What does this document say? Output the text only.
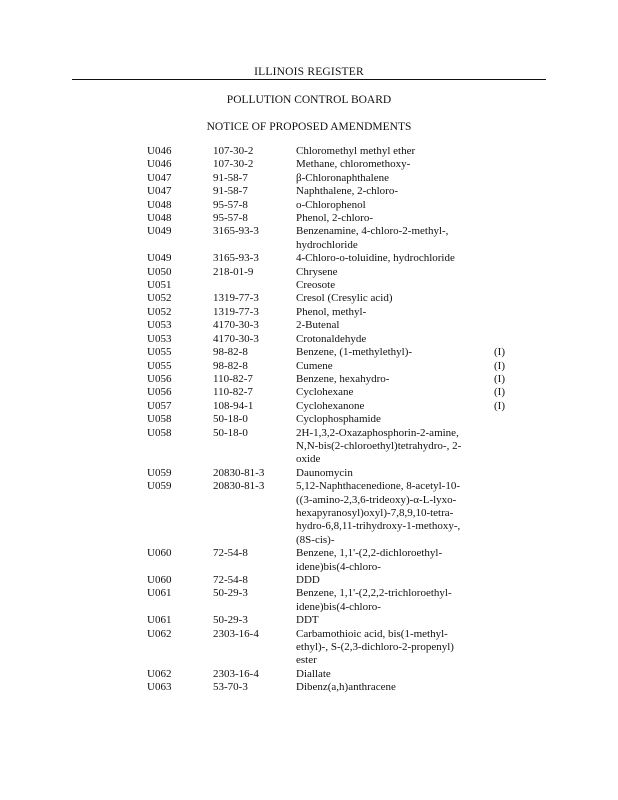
ILLINOIS REGISTER
POLLUTION CONTROL BOARD
NOTICE OF PROPOSED AMENDMENTS
U046	107-30-2	Chloromethyl methyl ether	

U046	107-30-2	Methane, chloromethoxy-	

U047	91-58-7	β-Chloronaphthalene	

U047	91-58-7	Naphthalene, 2-chloro-	

U048	95-57-8	o-Chlorophenol	

U048	95-57-8	Phenol, 2-chloro-	

U049	3165-93-3	Benzenamine, 4-chloro-2-methyl-,
hydrochloride	

U049	3165-93-3	4-Chloro-o-toluidine, hydrochloride	

U050	218-01-9	Chrysene	

U051		Creosote	

U052	1319-77-3	Cresol (Cresylic acid)	

U052	1319-77-3	Phenol, methyl-	

U053	4170-30-3	2-Butenal	

U053	4170-30-3	Crotonaldehyde	

U055	98-82-8	Benzene, (1-methylethyl)-	(I)
U055	98-82-8	Cumene	(I)
U056	110-82-7	Benzene, hexahydro-	(I)
U056	110-82-7	Cyclohexane	(I)
U057	108-94-1	Cyclohexanone	(I)
U058	50-18-0	Cyclophosphamide	

U058	50-18-0	2H-1,3,2-Oxazaphosphorin-2-amine,
N,N-bis(2-chloroethyl)tetrahydro-, 2-
oxide	

U059	20830-81-3	Daunomycin	

U059	20830-81-3	5,12-Naphthacenedione, 8-acetyl-10-
((3-amino-2,3,6-trideoxy)-α-L-lyxo-
hexapyranosyl)oxyl)-7,8,9,10-tetra-
hydro-6,8,11-trihydroxy-1-methoxy-,
(8S-cis)-	

U060	72-54-8	Benzene, 1,1'-(2,2-dichloroethyl-
idene)bis(4-chloro-	

U060	72-54-8	DDD	

U061	50-29-3	Benzene, 1,1'-(2,2,2-trichloroethyl-
idene)bis(4-chloro-	

U061	50-29-3	DDT	

U062	2303-16-4	Carbamothioic acid, bis(1-methyl-
ethyl)-, S-(2,3-dichloro-2-propenyl)
ester	

U062	2303-16-4	Diallate	

U063	53-70-3	Dibenz(a,h)anthracene	
